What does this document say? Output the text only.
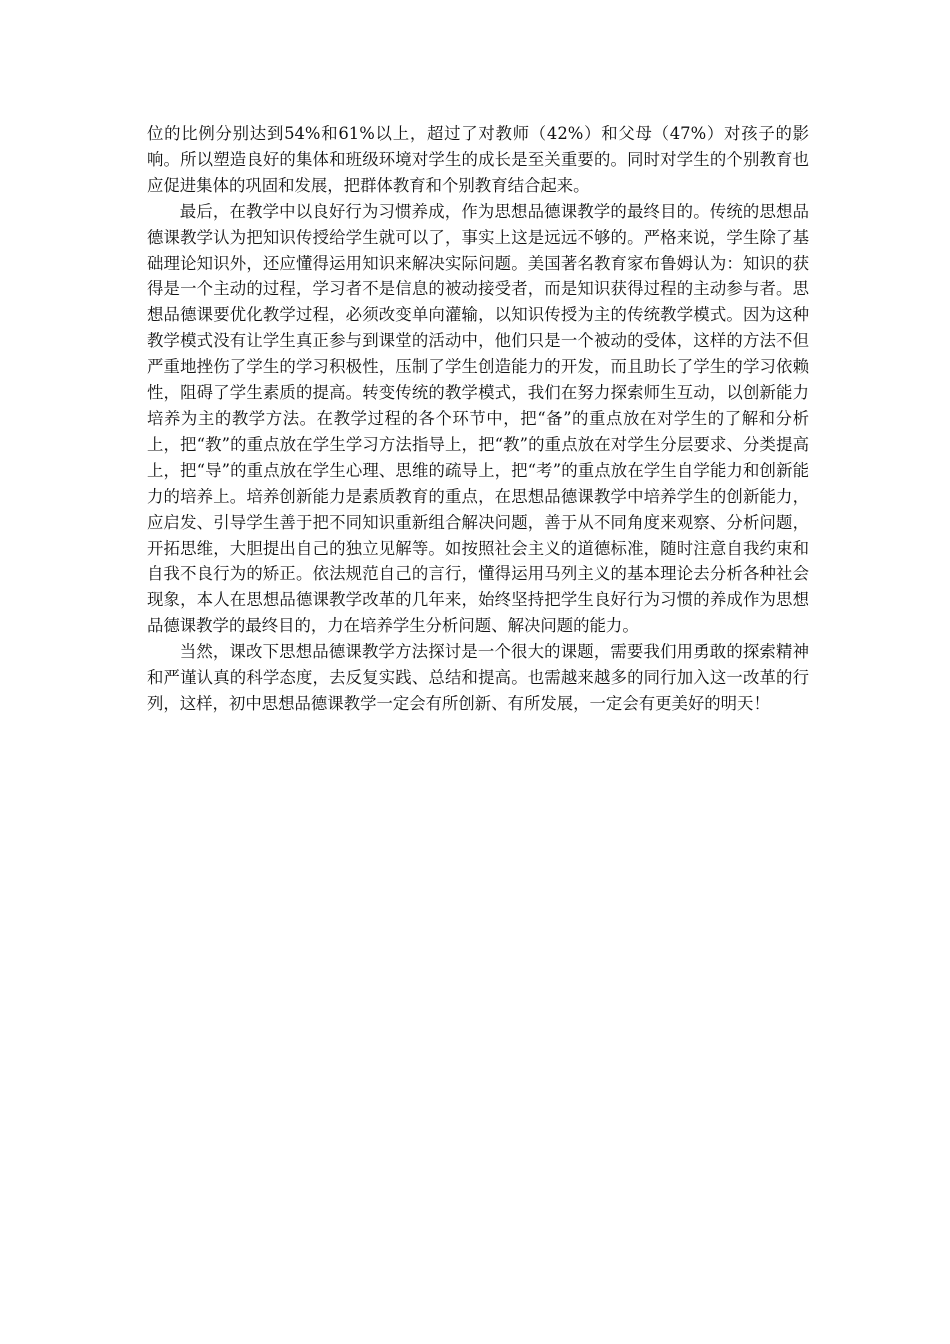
位的比例分别达到54%和61%以上，超过了对教师（42%）和父母（47%）对孩子的影响。所以塑造良好的集体和班级环境对学生的成长是至关重要的。同时对学生的个别教育也应促进集体的巩固和发展，把群体教育和个别教育结合起来。

最后，在教学中以良好行为习惯养成，作为思想品德课教学的最终目的。传统的思想品德课教学认为把知识传授给学生就可以了，事实上这是远远不够的。严格来说，学生除了基础理论知识外，还应懂得运用知识来解决实际问题。美国著名教育家布鲁姆认为：知识的获得是一个主动的过程，学习者不是信息的被动接受者，而是知识获得过程的主动参与者。思想品德课要优化教学过程，必须改变单向灌输，以知识传授为主的传统教学模式。因为这种教学模式没有让学生真正参与到课堂的活动中，他们只是一个被动的受体，这样的方法不但严重地挫伤了学生的学习积极性，压制了学生创造能力的开发，而且助长了学生的学习依赖性，阻碍了学生素质的提高。转变传统的教学模式，我们在努力探索师生互动，以创新能力培养为主的教学方法。在教学过程的各个环节中，把“备”的重点放在对学生的了解和分析上，把“教”的重点放在学生学习方法指导上，把“教”的重点放在对学生分层要求、分类提高上，把“导”的重点放在学生心理、思维的疏导上，把“考”的重点放在学生自学能力和创新能力的培养上。培养创新能力是素质教育的重点，在思想品德课教学中培养学生的创新能力，应启发、引导学生善于把不同知识重新组合解决问题，善于从不同角度来观察、分析问题，开拓思维，大胆提出自己的独立见解等。如按照社会主义的道德标准，随时注意自我约束和自我不良行为的矫正。依法规范自己的言行，懂得运用马列主义的基本理论去分析各种社会现象，本人在思想品德课教学改革的几年来，始终坚持把学生良好行为习惯的养成作为思想品德课教学的最终目的，力在培养学生分析问题、解决问题的能力。

当然，课改下思想品德课教学方法探讨是一个很大的课题，需要我们用勇敢的探索精神和严谨认真的科学态度，去反复实践、总结和提高。也需越来越多的同行加入这一改革的行列，这样，初中思想品德课教学一定会有所创新、有所发展，一定会有更美好的明天！
